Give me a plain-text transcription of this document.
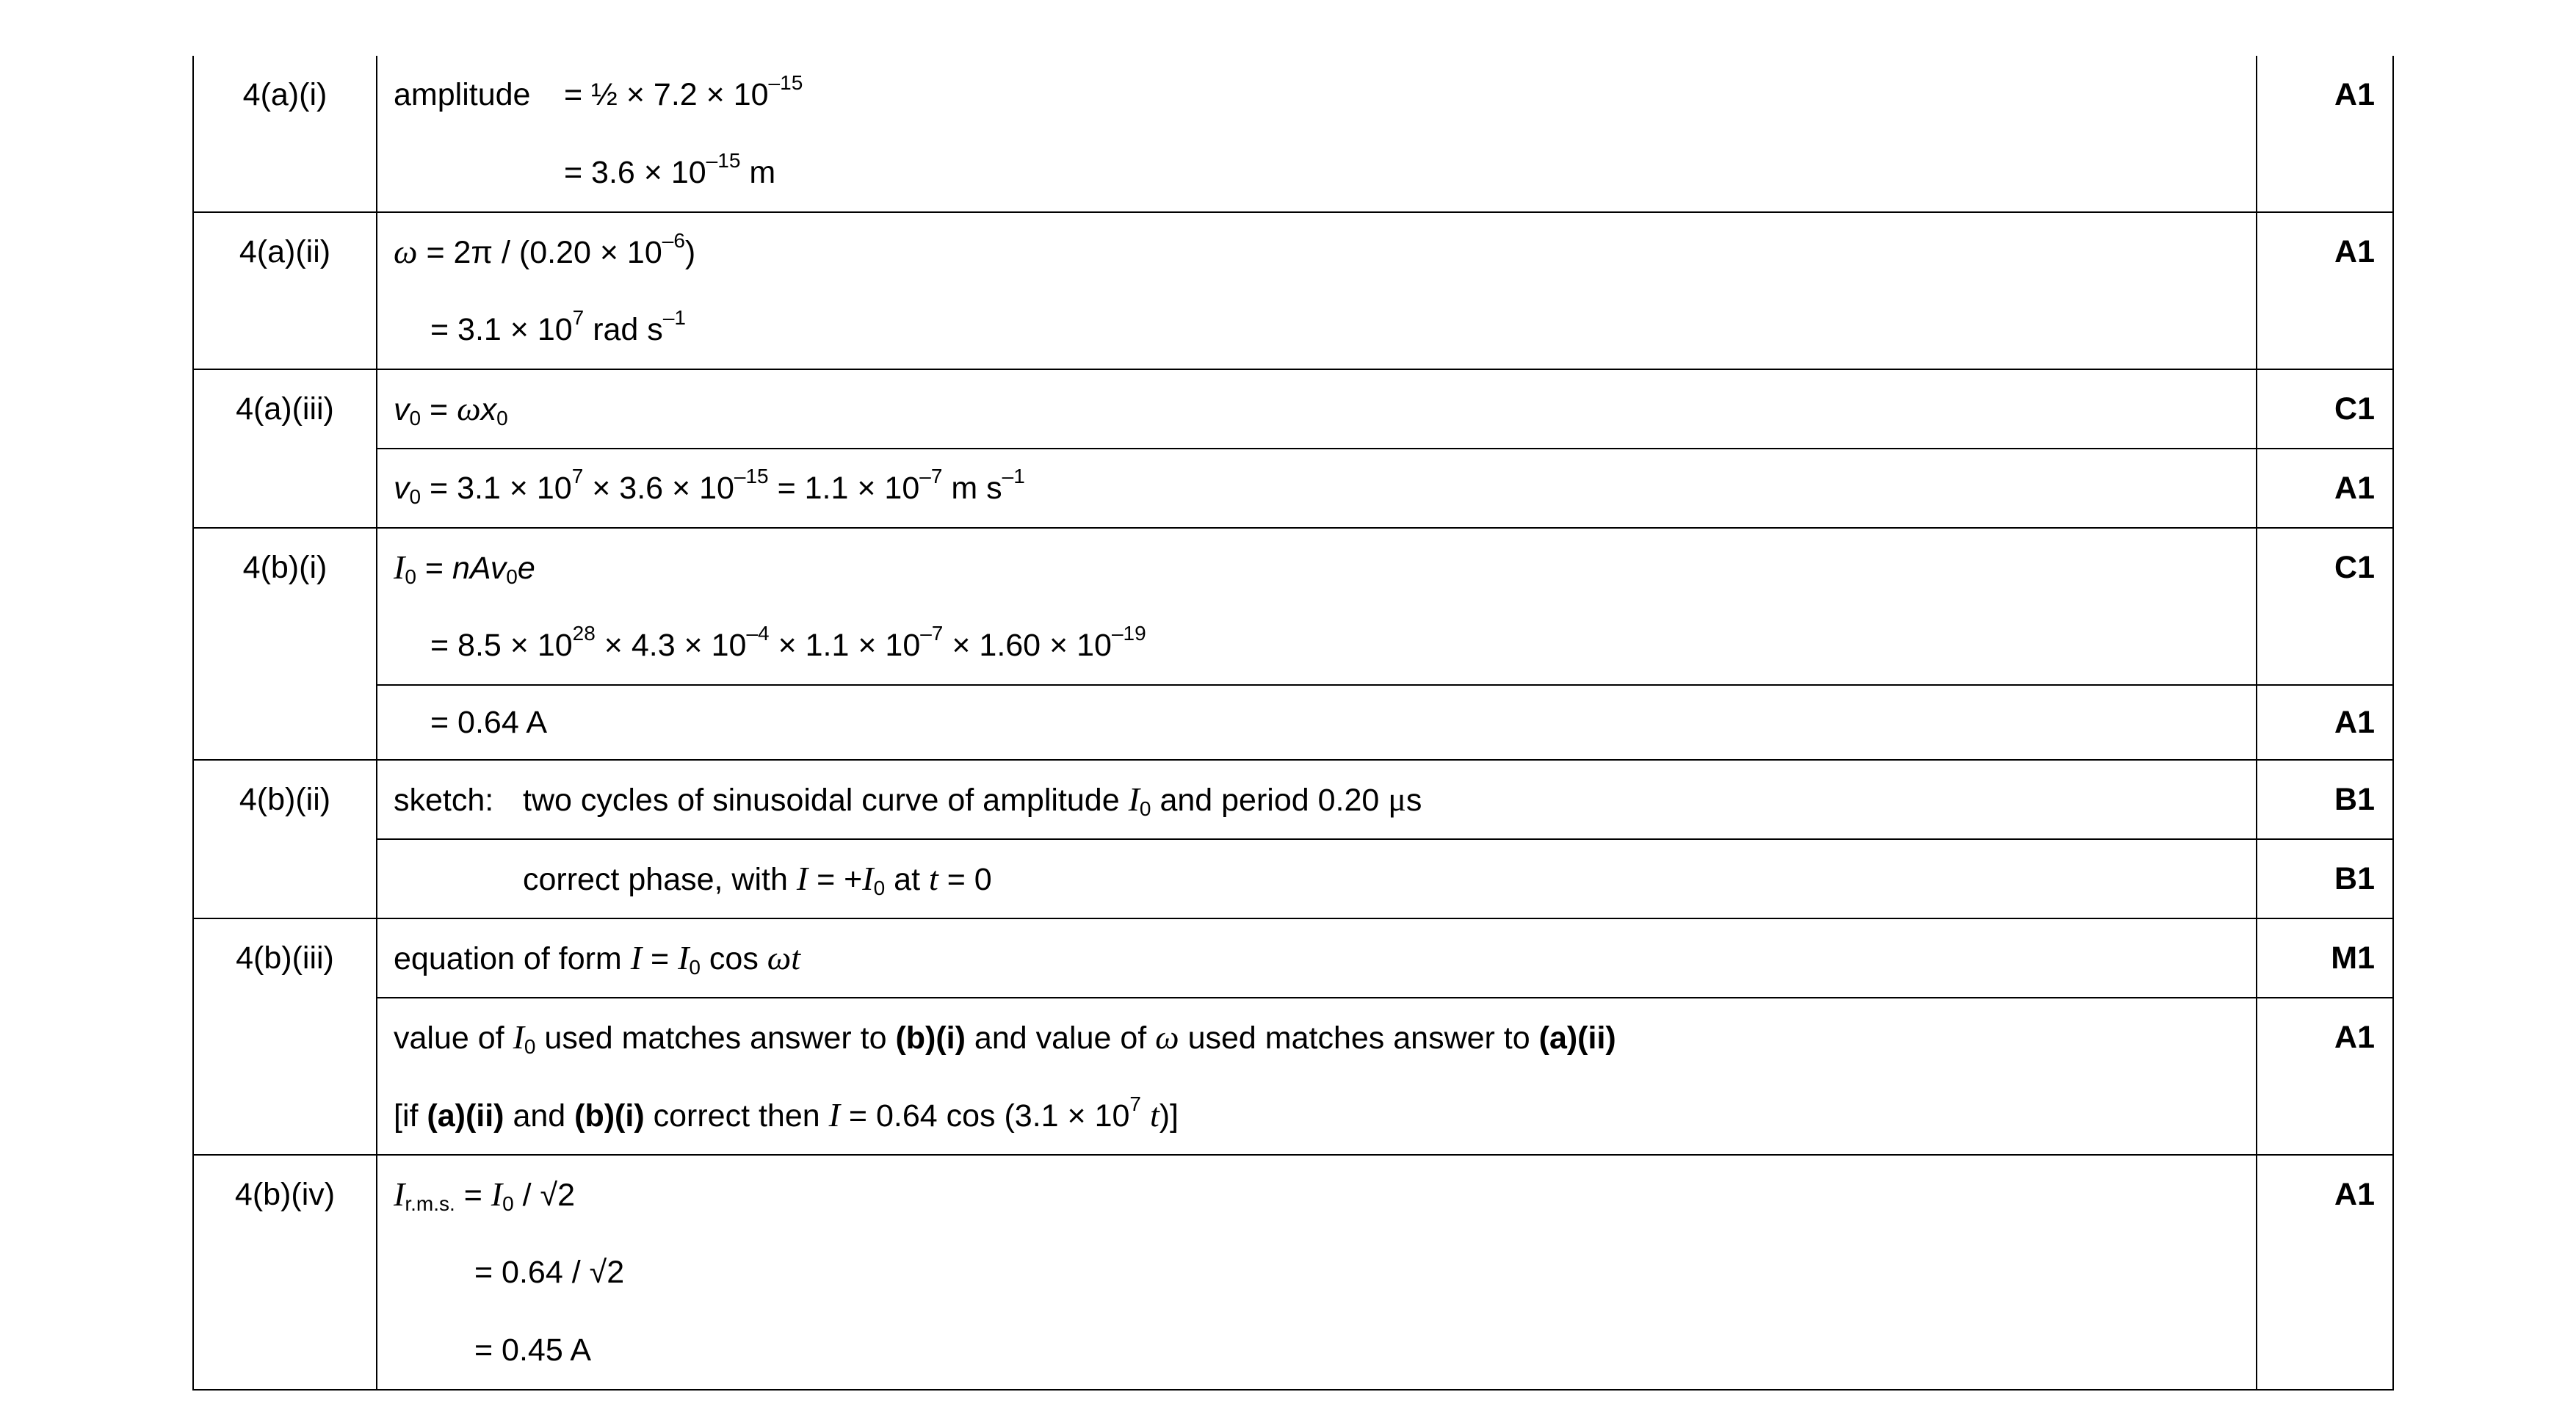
4(a)(i)	amplitude = ½ × $7.2 \times 10^{-15}$
= $3.6 \times 10^{-15}$ m	A1
4(a)(ii)	$\omega = 2\pi / (0.20 \times 10^{-6})$
= $3.1 \times 10^7$ rad $s^{-1}$	A1
4(a)(iii)	$v_0 = \omega x_0$	C1

	$v_0 = 3.1 \times 10^7 \times 3.6 \times 10^{-15} = 1.1 \times 10^{-7}$ m $s^{-1}$	A1
4(b)(i)	$I_0 = nAv_0e$
= $8.5 \times 10^{28} \times 4.3 \times 10^{-4} \times 1.1 \times 10^{-7} \times 1.60 \times 10^{-19}$	C1

	= 0.64 A	A1
4(b)(ii)	sketch: two cycles of sinusoidal curve of amplitude $I_0$ and period 0.20 μs	B1

	correct phase, with $I = +I_0$ at t = 0	B1
4(b)(iii)	equation of form $I = I_0$ cos ωt	M1

	value of $I_0$ used matches answer to (b)(i) and value of ω used matches answer to (a)(ii)
[if (a)(ii) and (b)(i) correct then I = 0.64 $\cos (3.1 \times 10^7$ t)]	A1
4(b)(iv)	$I_{r.m.s.} = I_0 / √2$
= 0.64 / √2
= 0.45 A	A1
